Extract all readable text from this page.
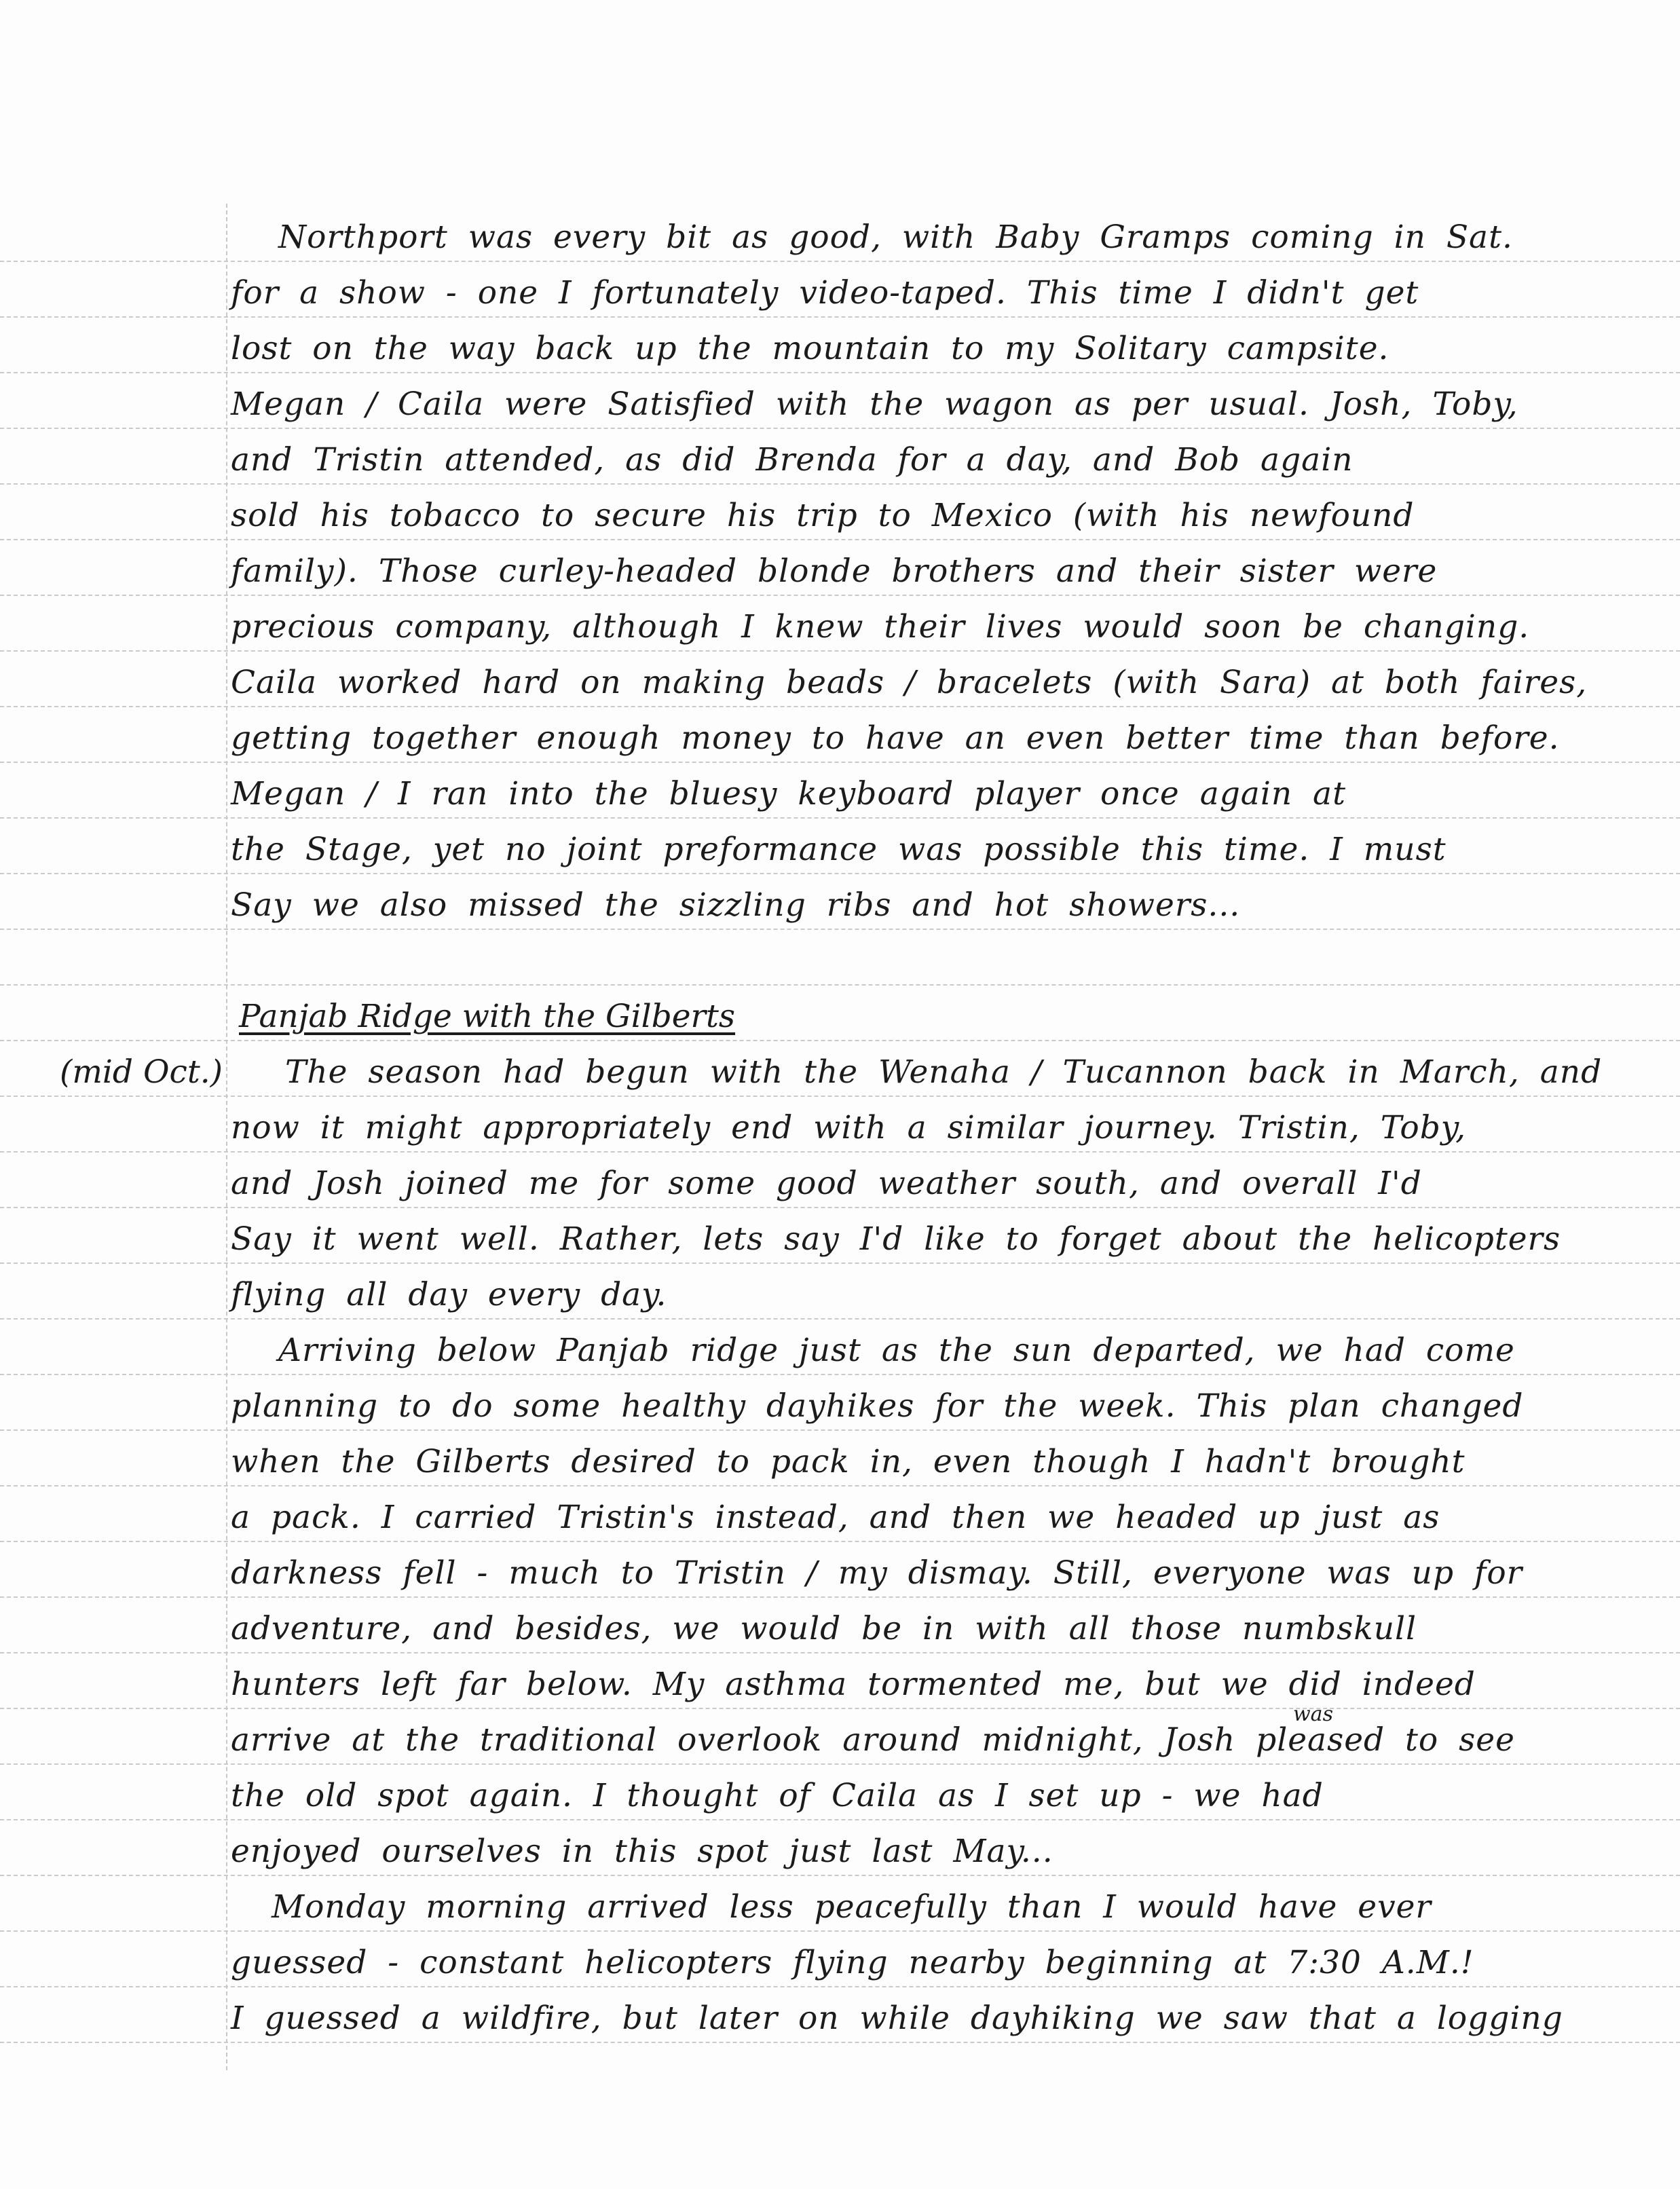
Northport was every bit as good, with Baby Gramps coming in Sat.
for a show - one I fortunately video-taped. This time I didn't get
lost on the way back up the mountain to my Solitary campsite.
Megan / Caila were Satisfied with the wagon as per usual. Josh, Toby,
and Tristin attended, as did Brenda for a day, and Bob again
sold his tobacco to secure his trip to Mexico (with his newfound
family). Those curley-headed blonde brothers and their sister were
precious company, although I knew their lives would soon be changing.
Caila worked hard on making beads / bracelets (with Sara) at both faires,
getting together enough money to have an even better time than before.
Megan / I ran into the bluesy keyboard player once again at
the Stage, yet no joint preformance was possible this time. I must
Say we also missed the sizzling ribs and hot showers...
Panjab Ridge with the Gilberts
(mid Oct.)	The season had begun with the Wenaha / Tucannon back in March, and
now it might appropriately end with a similar journey. Tristin, Toby,
and Josh joined me for some good weather south, and overall I'd
Say it went well. Rather, lets say I'd like to forget about the helicopters
flying all day every day.
Arriving below Panjab ridge just as the sun departed, we had come
planning to do some healthy dayhikes for the week. This plan changed
when the Gilberts desired to pack in, even though I hadn't brought
a pack. I carried Tristin's instead, and then we headed up just as
darkness fell - much to Tristin / my dismay. Still, everyone was up for
adventure, and besides, we would be in with all those numbskull
hunters left far below. My asthma tormented me, but we did indeed
was
arrive at the traditional overlook around midnight, Josh pleased to see
the old spot again. I thought of Caila as I set up - we had
enjoyed ourselves in this spot just last May...
Monday morning arrived less peacefully than I would have ever
guessed - constant helicopters flying nearby beginning at 7:30 A.M.!
I guessed a wildfire, but later on while dayhiking we saw that a logging
